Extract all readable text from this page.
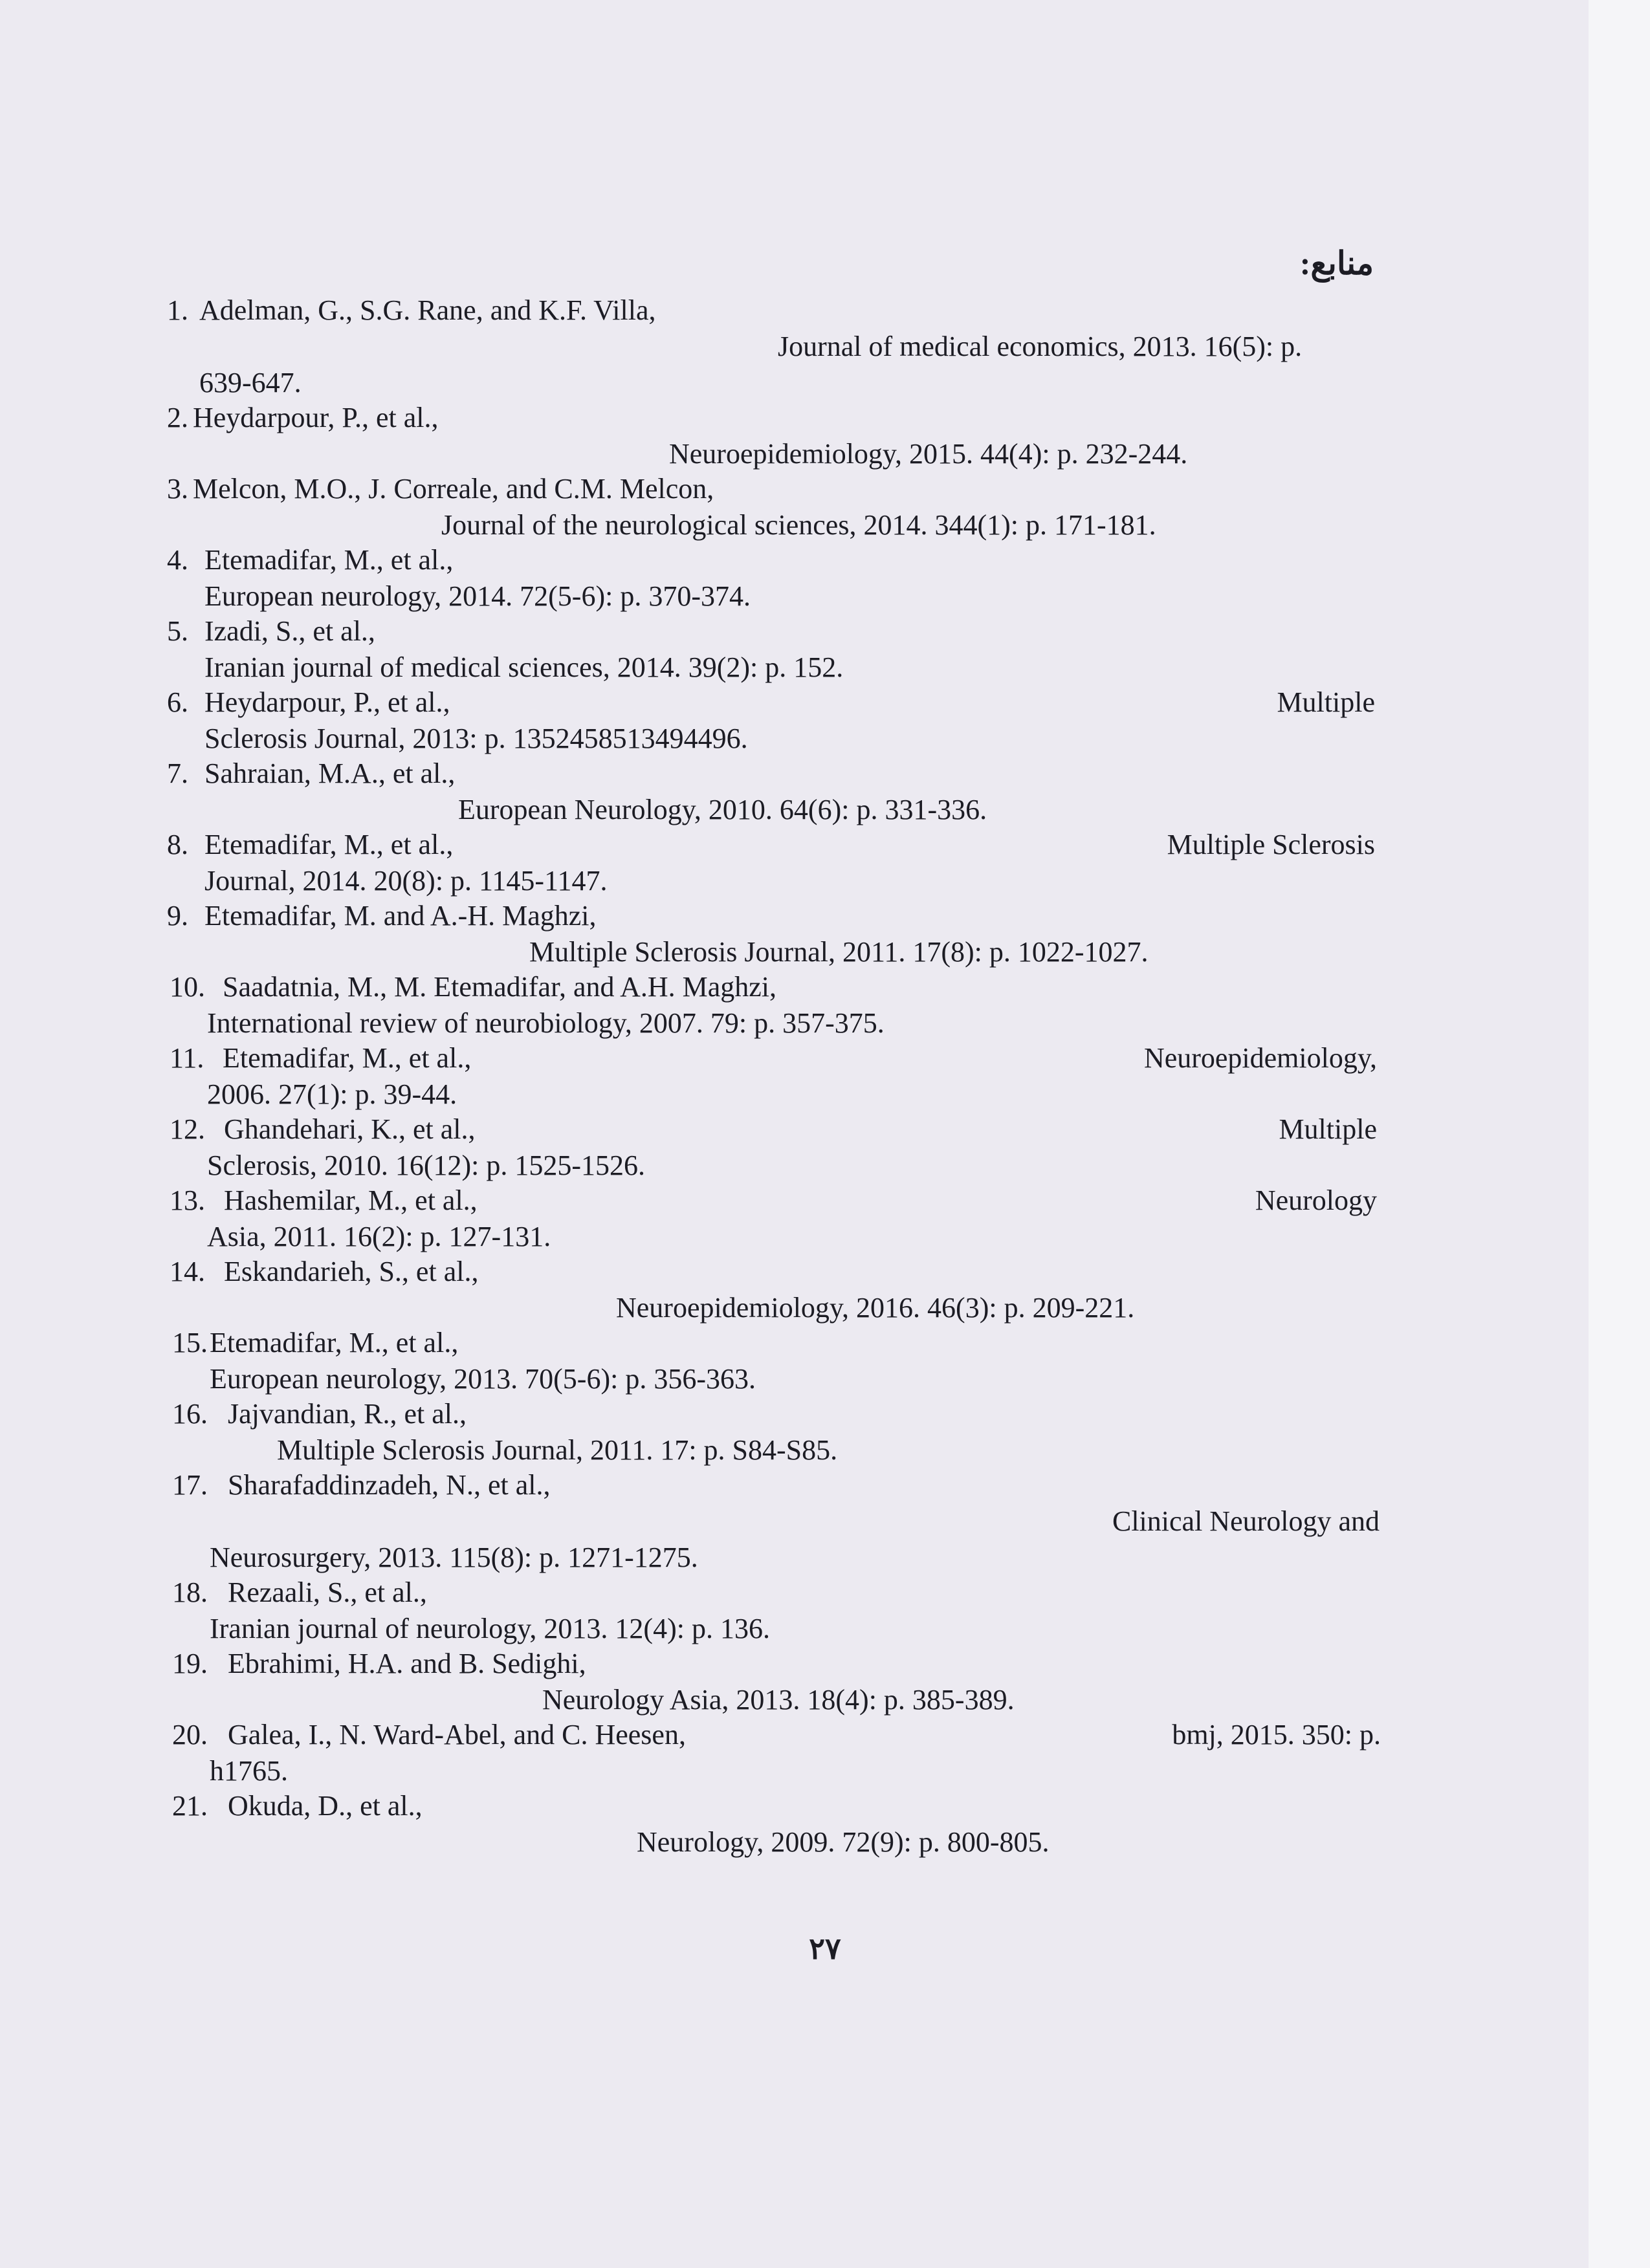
منابع:
1. Adelman, G., S.G. Rane, and K.F. Villa,
Journal of medical economics, 2013. 16(5): p.
639-647.
2. Heydarpour, P., et al.,
Neuroepidemiology, 2015. 44(4): p. 232-244.
3. Melcon, M.O., J. Correale, and C.M. Melcon,
Journal of the neurological sciences, 2014. 344(1): p. 171-181.
4. Etemadifar, M., et al.,
European neurology, 2014. 72(5-6): p. 370-374.
5. Izadi, S., et al.,
Iranian journal of medical sciences, 2014. 39(2): p. 152.
6. Heydarpour, P., et al.,	Multiple
Sclerosis Journal, 2013: p. 1352458513494496.
7. Sahraian, M.A., et al.,
European Neurology, 2010. 64(6): p. 331-336.
8. Etemadifar, M., et al.,	Multiple Sclerosis
Journal, 2014. 20(8): p. 1145-1147.
9. Etemadifar, M. and A.-H. Maghzi,
Multiple Sclerosis Journal, 2011. 17(8): p. 1022-1027.
10. Saadatnia, M., M. Etemadifar, and A.H. Maghzi,
International review of neurobiology, 2007. 79: p. 357-375.
11. Etemadifar, M., et al.,	Neuroepidemiology,
2006. 27(1): p. 39-44.
12. Ghandehari, K., et al.,	Multiple
Sclerosis, 2010. 16(12): p. 1525-1526.
13. Hashemilar, M., et al.,	Neurology
Asia, 2011. 16(2): p. 127-131.
14. Eskandarieh, S., et al.,
Neuroepidemiology, 2016. 46(3): p. 209-221.
15. Etemadifar, M., et al.,
European neurology, 2013. 70(5-6): p. 356-363.
16. Jajvandian, R., et al.,
Multiple Sclerosis Journal, 2011. 17: p. S84-S85.
17. Sharafaddinzadeh, N., et al.,
Clinical Neurology and
Neurosurgery, 2013. 115(8): p. 1271-1275.
18. Rezaali, S., et al.,
Iranian journal of neurology, 2013. 12(4): p. 136.
19. Ebrahimi, H.A. and B. Sedighi,
Neurology Asia, 2013. 18(4): p. 385-389.
20. Galea, I., N. Ward-Abel, and C. Heesen,	bmj, 2015. 350: p.
h1765.
21. Okuda, D., et al.,
Neurology, 2009. 72(9): p. 800-805.
۲۷
